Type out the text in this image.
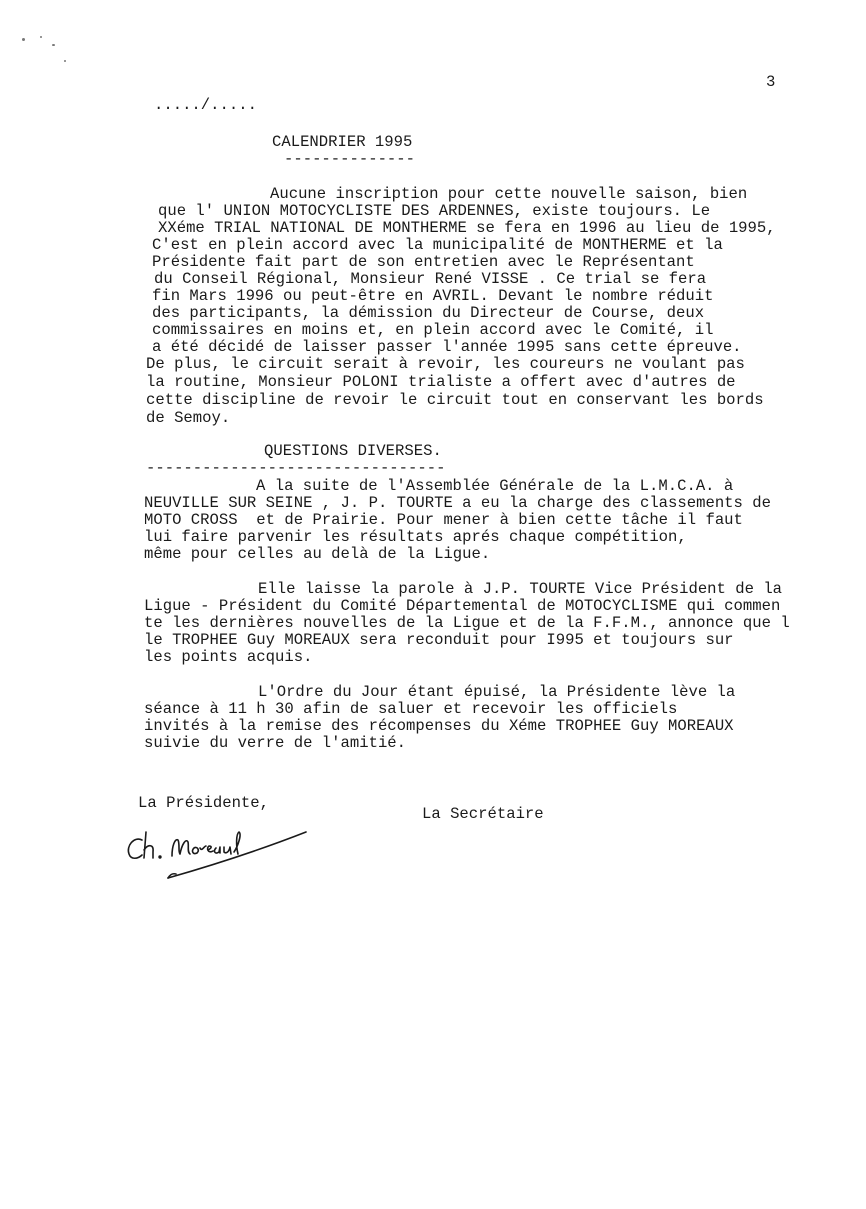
3
...../.....
CALENDRIER 1995
--------------
Aucune inscription pour cette nouvelle saison, bien
que l' UNION MOTOCYCLISTE DES ARDENNES, existe toujours. Le
XXéme TRIAL NATIONAL DE MONTHERME se fera en 1996 au lieu de 1995,
C'est en plein accord avec la municipalité de MONTHERME et la
Présidente fait part de son entretien avec le Représentant
du Conseil Régional, Monsieur René VISSE . Ce trial se fera
fin Mars 1996 ou peut-être en AVRIL. Devant le nombre réduit
des participants, la démission du Directeur de Course, deux
commissaires en moins et, en plein accord avec le Comité, il
a été décidé de laisser passer l'année 1995 sans cette épreuve.
De plus, le circuit serait à revoir, les coureurs ne voulant pas
la routine, Monsieur POLONI trialiste a offert avec d'autres de
cette discipline de revoir le circuit tout en conservant les bords
de Semoy.
QUESTIONS DIVERSES.
--------------------------------
A la suite de l'Assemblée Générale de la L.M.C.A. à
NEUVILLE SUR SEINE , J. P. TOURTE a eu la charge des classements de
MOTO CROSS  et de Prairie. Pour mener à bien cette tâche il faut
lui faire parvenir les résultats aprés chaque compétition,
même pour celles au delà de la Ligue.
Elle laisse la parole à J.P. TOURTE Vice Président de la
Ligue - Président du Comité Départemental de MOTOCYCLISME qui commen
te les dernières nouvelles de la Ligue et de la F.F.M., annonce que l
le TROPHEE Guy MOREAUX sera reconduit pour I995 et toujours sur
les points acquis.
L'Ordre du Jour étant épuisé, la Présidente lève la
séance à 11 h 30 afin de saluer et recevoir les officiels
invités à la remise des récompenses du Xéme TROPHEE Guy MOREAUX
suivie du verre de l'amitié.
La Présidente,
La Secrétaire
